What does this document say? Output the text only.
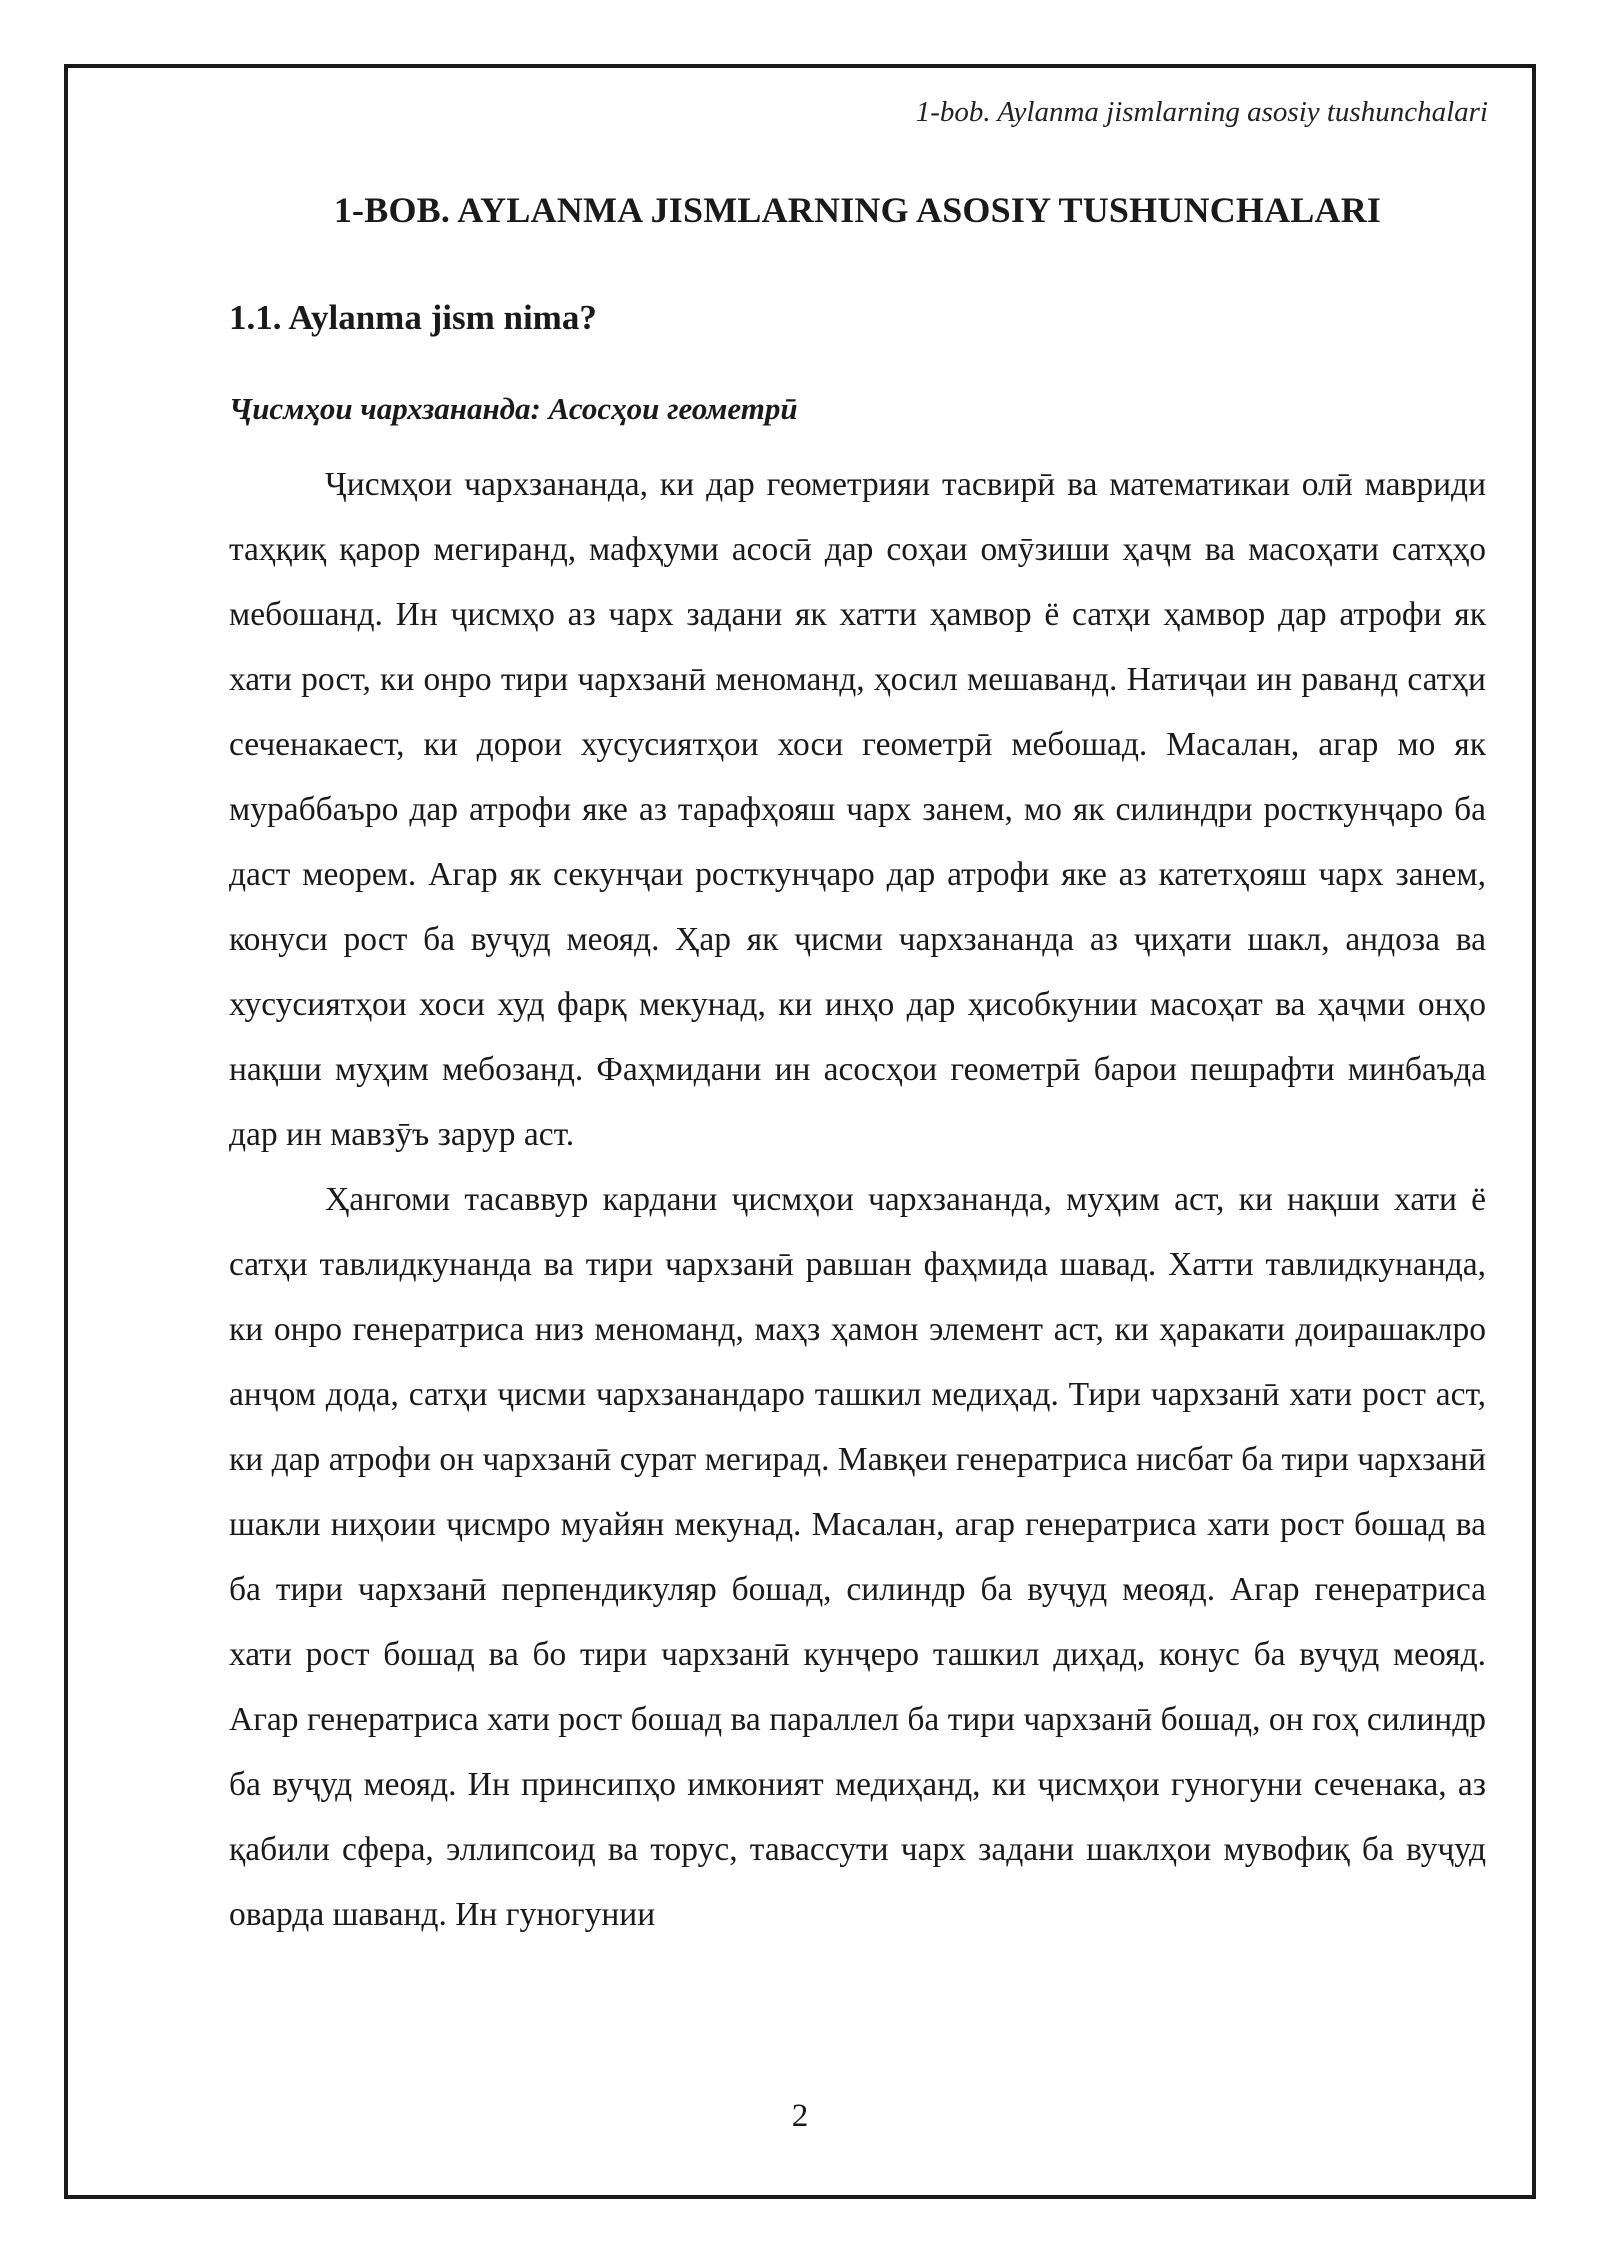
1-bob. Aylanma jismlarning asosiy tushunchalari
1-BOB. AYLANMA JISMLARNING ASOSIY TUSHUNCHALARI
1.1. Aylanma jism nima?
Ҷисмҳои чархзананда: Асосҳои геометрӣ

Ҷисмҳои чархзананда, ки дар геометрияи тасвирӣ ва математикаи олӣ мавриди таҳқиқ қарор мегиранд, мафҳуми асосӣ дар соҳаи омӯзиши ҳаҷм ва масоҳати сатҳҳо мебошанд. Ин ҷисмҳо аз чарх задани як хатти ҳамвор ё сатҳи ҳамвор дар атрофи як хати рост, ки онро тири чархзанӣ меноманд, ҳосил мешаванд. Натиҷаи ин раванд сатҳи сеченакаест, ки дорои хусусиятҳои хоси геометрӣ мебошад. Масалан, агар мо як мураббаъро дар атрофи яке аз тарафҳояш чарх занем, мо як силиндри росткунҷаро ба даст меорем. Агар як секунҷаи росткунҷаро дар атрофи яке аз катетҳояш чарх занем, конуси рост ба вуҷуд меояд. Ҳар як ҷисми чархзананда аз ҷиҳати шакл, андоза ва хусусиятҳои хоси худ фарқ мекунад, ки инҳо дар ҳисобкунии масоҳат ва ҳаҷми онҳо нақши муҳим мебозанд. Фаҳмидани ин асосҳои геометрӣ барои пешрафти минбаъда дар ин мавзӯъ зарур аст.

Ҳангоми тасаввур кардани ҷисмҳои чархзананда, муҳим аст, ки нақши хати ё сатҳи тавлидкунанда ва тири чархзанӣ равшан фаҳмида шавад. Хатти тавлидкунанда, ки онро генератриса низ меноманд, маҳз ҳамон элемент аст, ки ҳаракати доирашаклро анҷом дода, сатҳи ҷисми чархзанандаро ташкил медиҳад. Тири чархзанӣ хати рост аст, ки дар атрофи он чархзанӣ сурат мегирад. Мавқеи генератриса нисбат ба тири чархзанӣ шакли ниҳоии ҷисмро муайян мекунад. Масалан, агар генератриса хати рост бошад ва ба тири чархзанӣ перпендикуляр бошад, силиндр ба вуҷуд меояд. Агар генератриса хати рост бошад ва бо тири чархзанӣ кунҷеро ташкил диҳад, конус ба вуҷуд меояд. Агар генератриса хати рост бошад ва параллел ба тири чархзанӣ бошад, он гоҳ силиндр ба вуҷуд меояд. Ин принсипҳо имконият медиҳанд, ки ҷисмҳои гуногуни сеченака, аз қабили сфера, эллипсоид ва торус, тавассути чарх задани шаклҳои мувофиқ ба вуҷуд оварда шаванд. Ин гуногунии

2
